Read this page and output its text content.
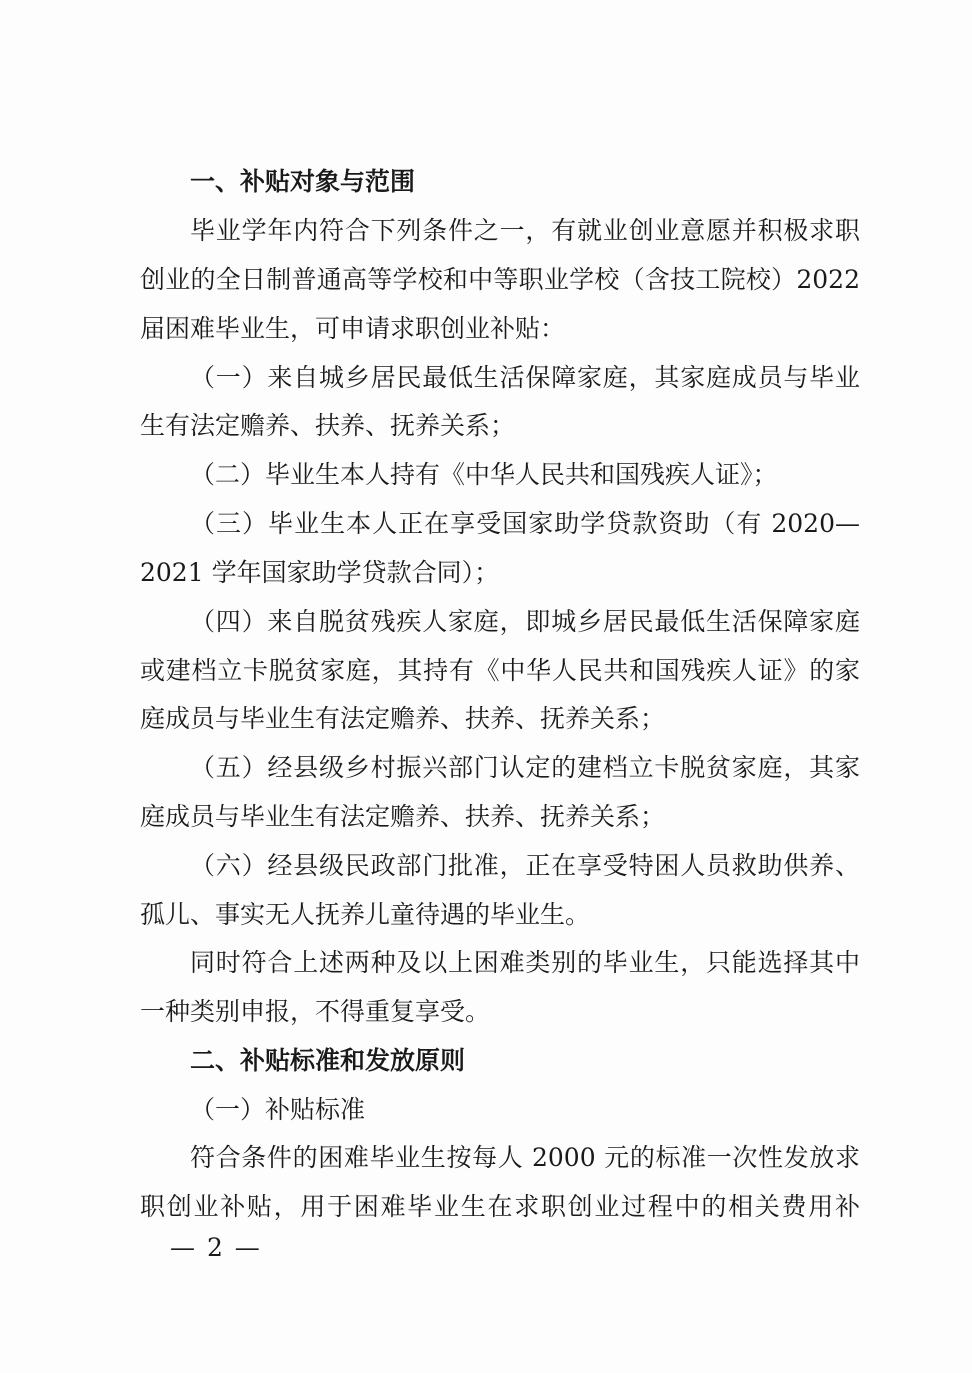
一、补贴对象与范围
毕业学年内符合下列条件之一，有就业创业意愿并积极求职
创业的全日制普通高等学校和中等职业学校（含技工院校）2022
届困难毕业生，可申请求职创业补贴：
（一）来自城乡居民最低生活保障家庭，其家庭成员与毕业
生有法定赡养、扶养、抚养关系；
（二）毕业生本人持有《中华人民共和国残疾人证》；
（三）毕业生本人正在享受国家助学贷款资助（有 2020—
2021 学年国家助学贷款合同）；
（四）来自脱贫残疾人家庭，即城乡居民最低生活保障家庭
或建档立卡脱贫家庭，其持有《中华人民共和国残疾人证》的家
庭成员与毕业生有法定赡养、扶养、抚养关系；
（五）经县级乡村振兴部门认定的建档立卡脱贫家庭，其家
庭成员与毕业生有法定赡养、扶养、抚养关系；
（六）经县级民政部门批准，正在享受特困人员救助供养、
孤儿、事实无人抚养儿童待遇的毕业生。
同时符合上述两种及以上困难类别的毕业生，只能选择其中
一种类别申报，不得重复享受。
二、补贴标准和发放原则
（一）补贴标准
符合条件的困难毕业生按每人 2000 元的标准一次性发放求
职创业补贴，用于困难毕业生在求职创业过程中的相关费用补
— 2 —
